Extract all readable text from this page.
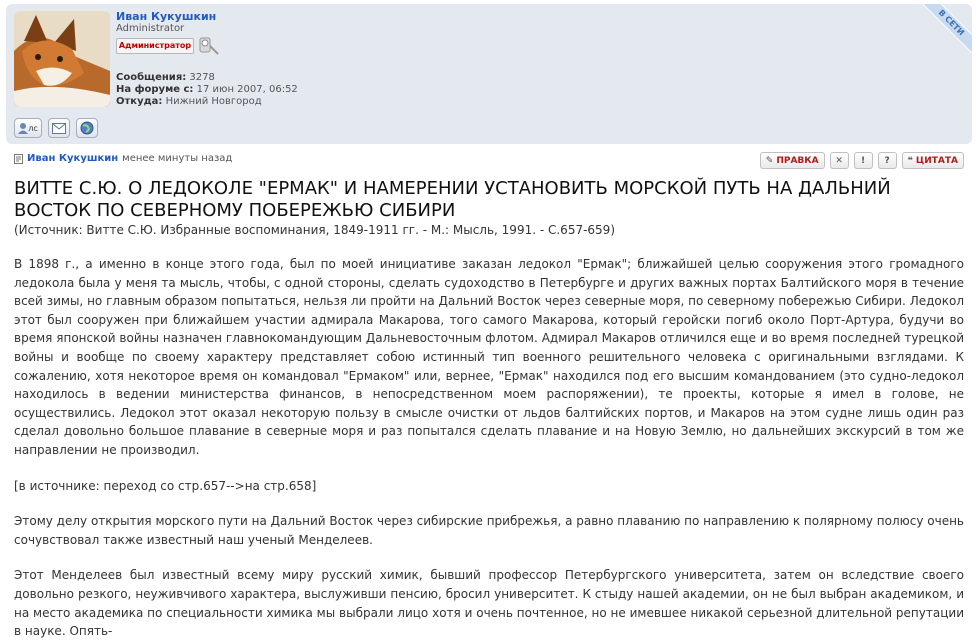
Иван Кукушкин
Administrator
Администратор
Сообщения: 3278
На форуме с: 17 июн 2007, 06:52
Откуда: Нижний Новгород
лс
В СЕТИ
Иван Кукушкин менее минуты назад	✎ ПРАВКА ✕ ! ? ❝ ЦИТАТА
ВИТТЕ С.Ю. О ЛЕДОКОЛЕ "ЕРМАК" И НАМЕРЕНИИ УСТАНОВИТЬ МОРСКОЙ ПУТЬ НА ДАЛЬНИЙ ВОСТОК ПО СЕВЕРНОМУ ПОБЕРЕЖЬЮ СИБИРИ
(Источник: Витте С.Ю. Избранные воспоминания, 1849-1911 гг. - М.: Мысль, 1991. - С.657-659)

В 1898 г., а именно в конце этого года, был по моей инициативе заказан ледокол "Ермак"; ближайшей целью сооружения этого громадного ледокола была у меня та мысль, чтобы, с одной стороны, сделать судоходство в Петербурге и других важных портах Балтийского моря в течение всей зимы, но главным образом попытаться, нельзя ли пройти на Дальний Восток через северные моря, по северному побережью Сибири. Ледокол этот был сооружен при ближайшем участии адмирала Макарова, того самого Макарова, который геройски погиб около Порт-Артура, будучи во время японской войны назначен главнокомандующим Дальневосточным флотом. Адмирал Макаров отличился еще и во время последней турецкой войны и вообще по своему характеру представляет собою истинный тип военного решительного человека с оригинальными взглядами. К сожалению, хотя некоторое время он командовал "Ермаком" или, вернее, "Ермак" находился под его высшим командованием (это судно-ледокол находилось в ведении министерства финансов, в непосредственном моем распоряжении), те проекты, которые я имел в голове, не осуществились. Ледокол этот оказал некоторую пользу в смысле очистки от льдов балтийских портов, и Макаров на этом судне лишь один раз сделал довольно большое плавание в северные моря и раз попытался сделать плавание и на Новую Землю, но дальнейших экскурсий в том же направлении не производил.

[в источнике: переход со стр.657-->на стр.658]

Этому делу открытия морского пути на Дальний Восток через сибирские прибрежья, а равно плаванию по направлению к полярному полюсу очень сочувствовал также известный наш ученый Менделеев.

Этот Менделеев был известный всему миру русский химик, бывший профессор Петербургского университета, затем он вследствие своего довольно резкого, неуживчивого характера, выслуживши пенсию, бросил университет. К стыду нашей академии, он не был выбран академиком, и на место академика по специальности химика мы выбрали лицо хотя и очень почтенное, но не имевшее никакой серьезной длительной репутации в науке. Опять-
